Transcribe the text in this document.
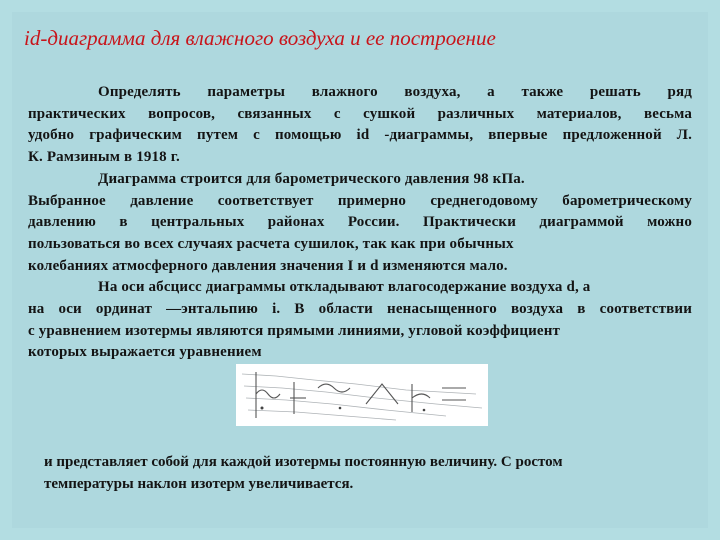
id-диаграмма для влажного воздуха и ее построение

Определять параметры влажного воздуха, а также решать ряд

практических вопросов, связанных с сушкой различных материалов, весьма

удобно графическим путем с помощью id -диаграммы, впервые предложенной Л.

К. Рамзиным в 1918 г.

Диаграмма строится для барометрического давления 98 кПа.

Выбранное давление соответствует примерно среднегодовому барометрическому

давлению в центральных районах России. Практически диаграммой можно

пользоваться во всех случаях расчета сушилок, так как при обычных

колебаниях атмосферного давления значения I и d изменяются мало.

На оси абсцисс диаграммы откладывают влагосодержание воздуха d, а

на оси ординат —энтальпию i. В области ненасыщенного воздуха в соответствии

с уравнением изотермы являются прямыми линиями, угловой коэффициент

которых выражается уравнением

и представляет собой для каждой изотермы постоянную величину. С ростом

температуры наклон изотерм увеличивается.
